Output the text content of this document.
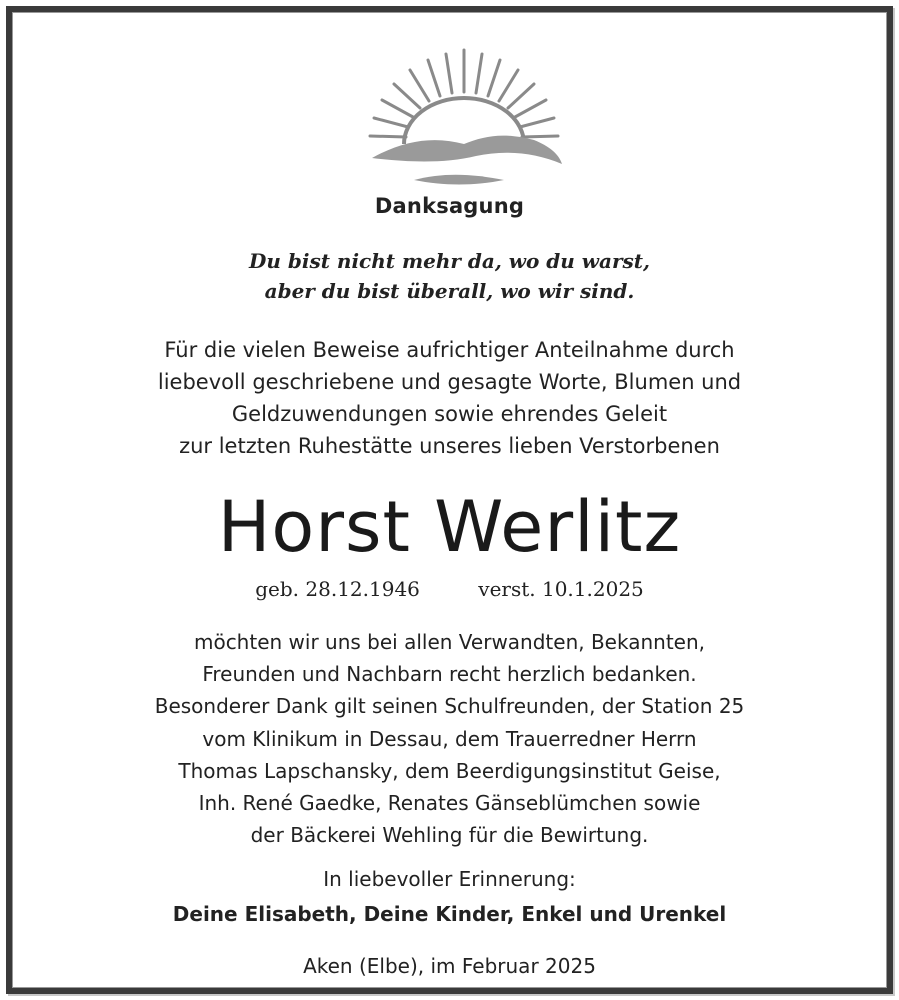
Danksagung
Du bist nicht mehr da, wo du warst,
aber du bist überall, wo wir sind.
Für die vielen Beweise aufrichtiger Anteilnahme durch
liebevoll geschriebene und gesagte Worte, Blumen und
Geldzuwendungen sowie ehrendes Geleit
zur letzten Ruhestätte unseres lieben Verstorbenen
Horst Werlitz
geb. 28.12.1946	verst. 10.1.2025
möchten wir uns bei allen Verwandten, Bekannten,
Freunden und Nachbarn recht herzlich bedanken.
Besonderer Dank gilt seinen Schulfreunden, der Station 25
vom Klinikum in Dessau, dem Trauerredner Herrn
Thomas Lapschansky, dem Beerdigungsinstitut Geise,
Inh. René Gaedke, Renates Gänseblümchen sowie
der Bäckerei Wehling für die Bewirtung.
In liebevoller Erinnerung:
Deine Elisabeth, Deine Kinder, Enkel und Urenkel
Aken (Elbe), im Februar 2025
